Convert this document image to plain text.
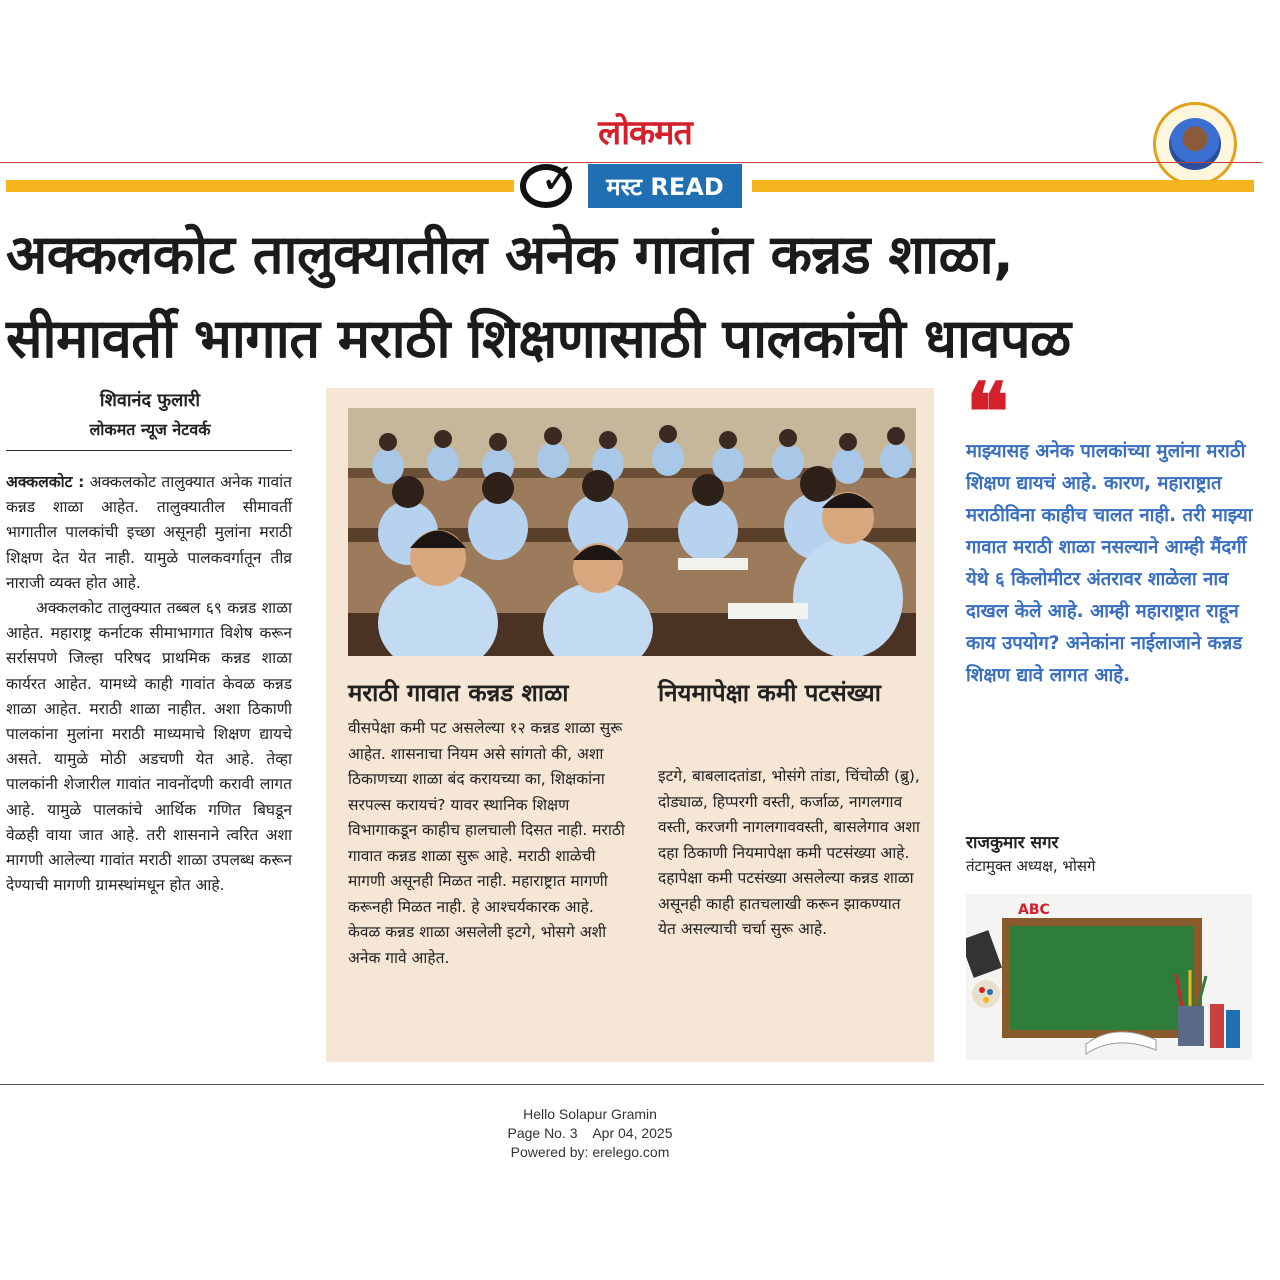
लोकमत
✓	मस्ट READ
अक्कलकोट तालुक्यातील अनेक गावांत कन्नड शाळा,
सीमावर्ती भागात मराठी शिक्षणासाठी पालकांची धावपळ
शिवानंद फुलारी
लोकमत न्यूज नेटवर्क

अक्कलकोट : अक्कलकोट तालुक्यात अनेक गावांत कन्नड शाळा आहेत. तालुक्यातील सीमावर्ती भागातील पालकांची इच्छा असूनही मुलांना मराठी शिक्षण देत येत नाही. यामुळे पालकवर्गातून तीव्र नाराजी व्यक्त होत आहे.

अक्कलकोट तालुक्यात तब्बल ६९ कन्नड शाळा आहेत. महाराष्ट्र कर्नाटक सीमाभागात विशेष करून सर्रासपणे जिल्हा परिषद प्राथमिक कन्नड शाळा कार्यरत आहेत. यामध्ये काही गावांत केवळ कन्नड शाळा आहेत. मराठी शाळा नाहीत. अशा ठिकाणी पालकांना मुलांना मराठी माध्यमाचे शिक्षण द्यायचे असते. यामुळे मोठी अडचणी येत आहे. तेव्हा पालकांनी शेजारील गावांत नावनोंदणी करावी लागत आहे. यामुळे पालकांचे आर्थिक गणित बिघडून वेळही वाया जात आहे. तरी शासनाने त्वरित अशा मागणी आलेल्या गावांत मराठी शाळा उपलब्ध करून देण्याची मागणी ग्रामस्थांमधून होत आहे.

मराठी गावात कन्नड शाळा
वीसपेक्षा कमी पट असलेल्या १२ कन्नड शाळा सुरू आहेत. शासनाचा नियम असे सांगतो की, अशा ठिकाणच्या शाळा बंद करायच्या का, शिक्षकांना सरपल्स करायचं? यावर स्थानिक शिक्षण विभागाकडून काहीच हालचाली दिसत नाही. मराठी गावात कन्नड शाळा सुरू आहे. मराठी शाळेची मागणी असूनही मिळत नाही. महाराष्ट्रात मागणी करूनही मिळत नाही. हे आश्चर्यकारक आहे. केवळ कन्नड शाळा असलेली इटगे, भोसगे अशी अनेक गावे आहेत.
नियमापेक्षा कमी पटसंख्या
इटगे, बाबलादतांडा, भोसंगे तांडा, चिंचोळी (ब्रु), दोड्याळ, हिप्परगी वस्ती, कर्जाळ, नागलगाव वस्ती, करजगी नागलगाववस्ती, बासलेगाव अशा दहा ठिकाणी नियमापेक्षा कमी पटसंख्या आहे. दहापेक्षा कमी पटसंख्या असलेल्या कन्नड शाळा असूनही काही हातचलाखी करून झाकण्यात येत असल्याची चर्चा सुरू आहे.
❝
माझ्यासह अनेक पालकांच्या मुलांना मराठी शिक्षण द्यायचं आहे. कारण, महाराष्ट्रात मराठीविना काहीच चालत नाही. तरी माझ्या गावात मराठी शाळा नसल्याने आम्ही मैंदर्गी येथे ६ किलोमीटर अंतरावर शाळेला नाव दाखल केले आहे. आम्ही महाराष्ट्रात राहून काय उपयोग? अनेकांना नाईलाजाने कन्नड शिक्षण द्यावे लागत आहे.
राजकुमार सगर
तंटामुक्त अध्यक्ष, भोसगे
ABC
Hello Solapur Gramin
Page No. 3    Apr 04, 2025
Powered by: erelego.com
